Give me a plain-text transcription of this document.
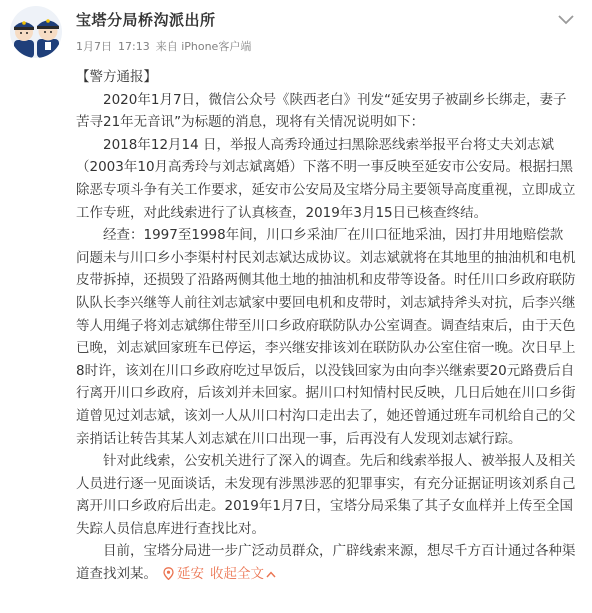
宝塔分局桥沟派出所
1月7日 17:13 来自 iPhone客户端

【警方通报】

2020年1月7日，微信公众号《陕西老白》刊发“延安男子被副乡长绑走，妻子苦寻21年无音讯”为标题的消息，现将有关情况说明如下：

2018年12月14 日，举报人高秀玲通过扫黑除恶线索举报平台将丈夫刘志斌（2003年10月高秀玲与刘志斌离婚）下落不明一事反映至延安市公安局。根据扫黑除恶专项斗争有关工作要求，延安市公安局及宝塔分局主要领导高度重视，立即成立工作专班，对此线索进行了认真核查，2019年3月15日已核查终结。

经查：1997至1998年间，川口乡采油厂在川口征地采油，因打井用地赔偿款问题未与川口乡小李渠村村民刘志斌达成协议。刘志斌就将在其地里的抽油机和电机皮带拆掉，还损毁了沿路两侧其他土地的抽油机和皮带等设备。时任川口乡政府联防队队长李兴继等人前往刘志斌家中要回电机和皮带时，刘志斌持斧头对抗，后李兴继等人用绳子将刘志斌绑住带至川口乡政府联防队办公室调查。调查结束后，由于天色已晚，刘志斌回家班车已停运，李兴继安排该刘在联防队办公室住宿一晚。次日早上8时许，该刘在川口乡政府吃过早饭后，以没钱回家为由向李兴继索要20元路费后自行离开川口乡政府，后该刘并未回家。据川口村知情村民反映，几日后她在川口乡街道曾见过刘志斌，该刘一人从川口村沟口走出去了，她还曾通过班车司机给自己的父亲捎话让转告其某人刘志斌在川口出现一事，后再没有人发现刘志斌行踪。

针对此线索，公安机关进行了深入的调查。先后和线索举报人、被举报人及相关人员进行逐一见面谈话，未发现有涉黑涉恶的犯罪事实，有充分证据证明该刘系自己离开川口乡政府后出走。2019年1月7日，宝塔分局采集了其子女血样并上传至全国失踪人员信息库进行查找比对。

目前，宝塔分局进一步广泛动员群众，广辟线索来源，想尽千方百计通过各种渠道查找刘某。 延安 收起全文
